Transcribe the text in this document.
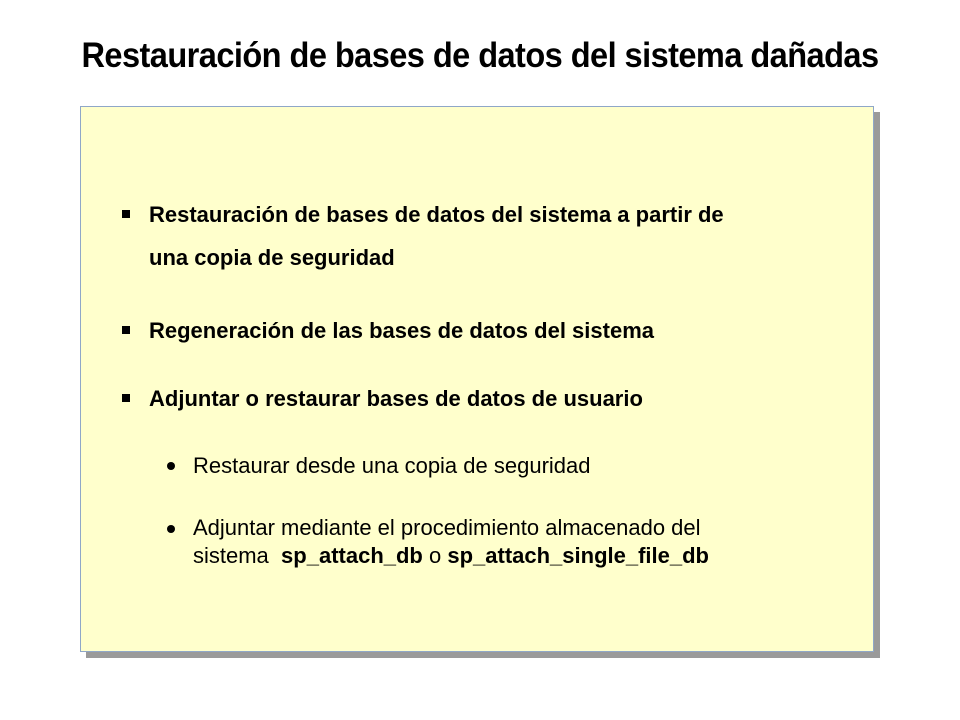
Restauración de bases de datos del sistema dañadas
Restauración de bases de datos del sistema a partir de
una copia de seguridad
Regeneración de las bases de datos del sistema
Adjuntar o restaurar bases de datos de usuario
Restaurar desde una copia de seguridad
Adjuntar mediante el procedimiento almacenado del
sistema  sp_attach_db o sp_attach_single_file_db
